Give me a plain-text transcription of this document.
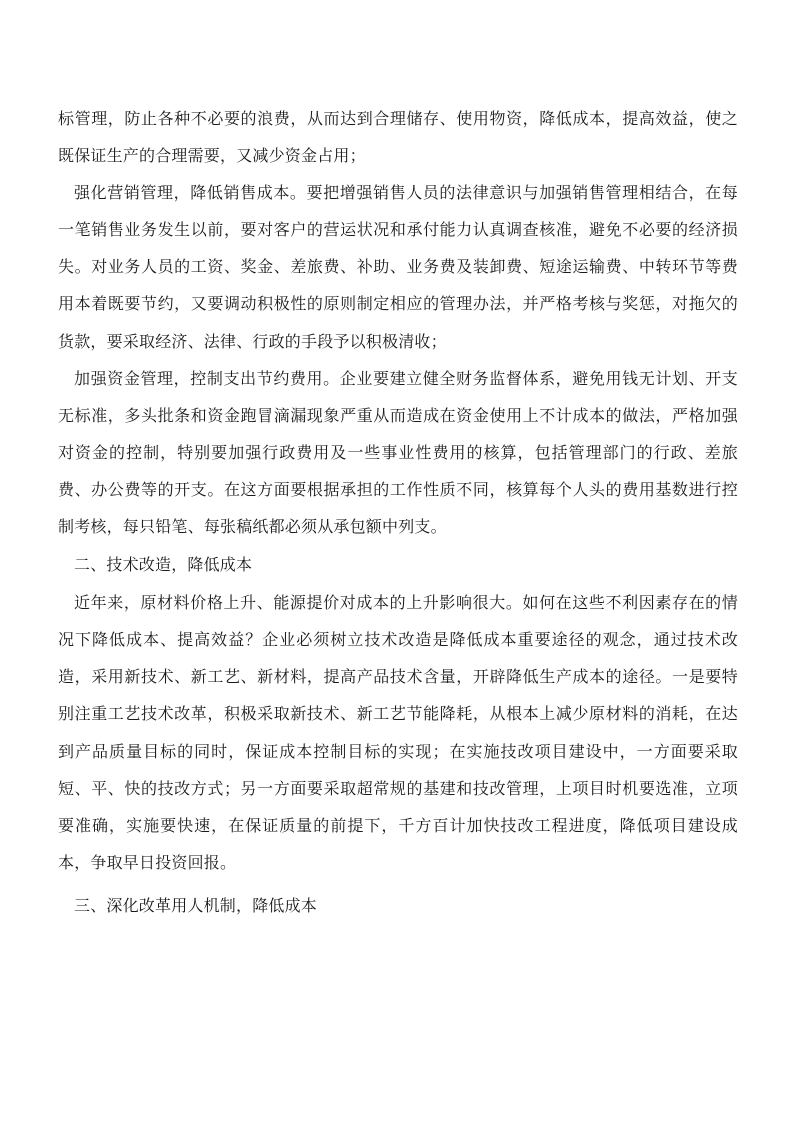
标管理，防止各种不必要的浪费，从而达到合理储存、使用物资，降低成本，提高效益，使之既保证生产的合理需要，又减少资金占用；

强化营销管理，降低销售成本。要把增强销售人员的法律意识与加强销售管理相结合，在每一笔销售业务发生以前，要对客户的营运状况和承付能力认真调查核准，避免不必要的经济损失。对业务人员的工资、奖金、差旅费、补助、业务费及装卸费、短途运输费、中转环节等费用本着既要节约，又要调动积极性的原则制定相应的管理办法，并严格考核与奖惩，对拖欠的货款，要采取经济、法律、行政的手段予以积极清收；

加强资金管理，控制支出节约费用。企业要建立健全财务监督体系，避免用钱无计划、开支无标准，多头批条和资金跑冒滴漏现象严重从而造成在资金使用上不计成本的做法，严格加强对资金的控制，特别要加强行政费用及一些事业性费用的核算，包括管理部门的行政、差旅费、办公费等的开支。在这方面要根据承担的工作性质不同，核算每个人头的费用基数进行控制考核，每只铅笔、每张稿纸都必须从承包额中列支。

二、技术改造，降低成本

近年来，原材料价格上升、能源提价对成本的上升影响很大。如何在这些不利因素存在的情况下降低成本、提高效益？企业必须树立技术改造是降低成本重要途径的观念，通过技术改造，采用新技术、新工艺、新材料，提高产品技术含量，开辟降低生产成本的途径。一是要特别注重工艺技术改革，积极采取新技术、新工艺节能降耗，从根本上减少原材料的消耗，在达到产品质量目标的同时，保证成本控制目标的实现；在实施技改项目建设中，一方面要采取短、平、快的技改方式；另一方面要采取超常规的基建和技改管理，上项目时机要选准，立项要准确，实施要快速，在保证质量的前提下，千方百计加快技改工程进度，降低项目建设成本，争取早日投资回报。

三、深化改革用人机制，降低成本
